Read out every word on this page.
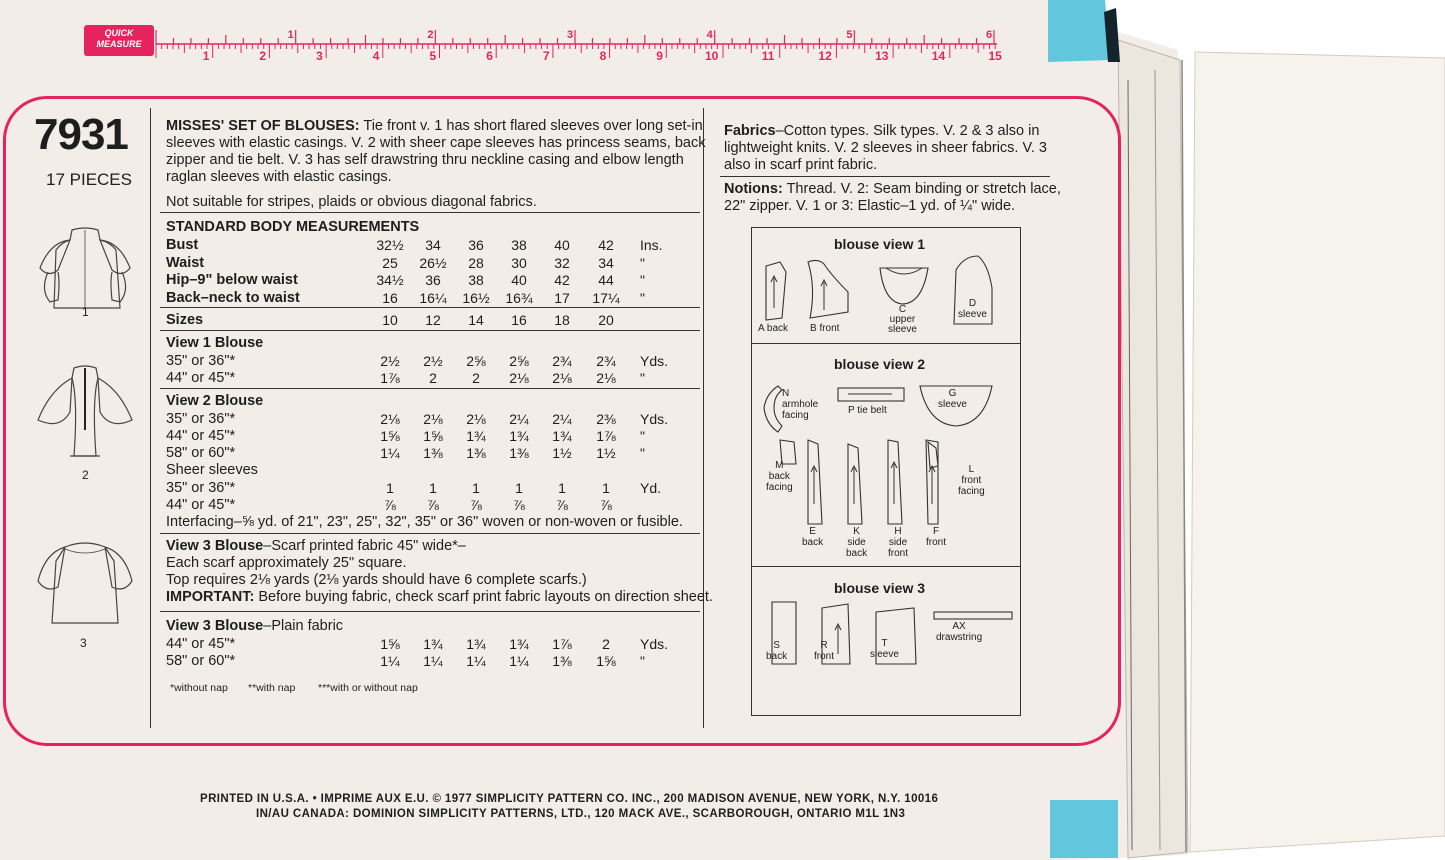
QUICK MEASURE
1	2	3	4	5	6
1	2	3	4	5	6	7	8	9	10	11	12	13	14	15
7931
17 PIECES
1
2
3
MISSES' SET OF BLOUSES: Tie front v. 1 has short flared sleeves over long set-in
sleeves with elastic casings. V. 2 with sheer cape sleeves has princess seams, back
zipper and tie belt. V. 3 has self drawstring thru neckline casing and elbow length
raglan sleeves with elastic casings.
Not suitable for stripes, plaids or obvious diagonal fabrics.
STANDARD BODY MEASUREMENTS
Bust	32½	34	36	38	40	42	Ins.
Waist	25	26½	28	30	32	34	"
Hip–9" below waist	34½	36	38	40	42	44	"
Back–neck to waist	16	16¼	16½	16¾	17	17¼	"
Sizes	10	12	14	16	18	20
View 1 Blouse
35" or 36"*	2½	2½	2⅝	2⅝	2¾	2¾	Yds.
44" or 45"*	1⅞	2	2	2⅛	2⅛	2⅛	"
View 2 Blouse
35" or 36"*	2⅛	2⅛	2⅛	2¼	2¼	2⅜	Yds.
44" or 45"*	1⅝	1⅝	1¾	1¾	1¾	1⅞	"
58" or 60"*	1¼	1⅜	1⅜	1⅜	1½	1½	"
Sheer sleeves
35" or 36"*	1	1	1	1	1	1	Yd.
44" or 45"*	⅞	⅞	⅞	⅞	⅞	⅞
Interfacing–⅝ yd. of 21", 23", 25", 32", 35" or 36" woven or non-woven or fusible.
View 3 Blouse–Scarf printed fabric 45" wide*–
Each scarf approximately 25" square.
Top requires 2⅛ yards (2⅛ yards should have 6 complete scarfs.)
IMPORTANT: Before buying fabric, check scarf print fabric layouts on direction sheet.
View 3 Blouse–Plain fabric
44" or 45"*	1⅝	1¾	1¾	1¾	1⅞	2	Yds.
58" or 60"*	1¼	1¼	1¼	1¼	1⅜	1⅝	"
*without nap **with nap ***with or without nap
Fabrics–Cotton types. Silk types. V. 2 & 3 also in
lightweight knits. V. 2 sleeves in sheer fabrics. V. 3
also in scarf print fabric.
Notions: Thread. V. 2: Seam binding or stretch lace,
22" zipper. V. 1 or 3: Elastic–1 yd. of ¼" wide.
blouse view 1
blouse view 2
blouse view 3
A back B front
C
upper
sleeve
D
sleeve
N
armhole
facing	P tie belt
G
sleeve
M
back
facing
L
front
facing
E
back
K
side
back
H
side
front
F
front
S
back
R
front
T
sleeve
AX
drawstring
PRINTED IN U.S.A. • IMPRIME AUX E.U. © 1977 SIMPLICITY PATTERN CO. INC., 200 MADISON AVENUE, NEW YORK, N.Y. 10016
IN/AU CANADA: DOMINION SIMPLICITY PATTERNS, LTD., 120 MACK AVE., SCARBOROUGH, ONTARIO M1L 1N3
